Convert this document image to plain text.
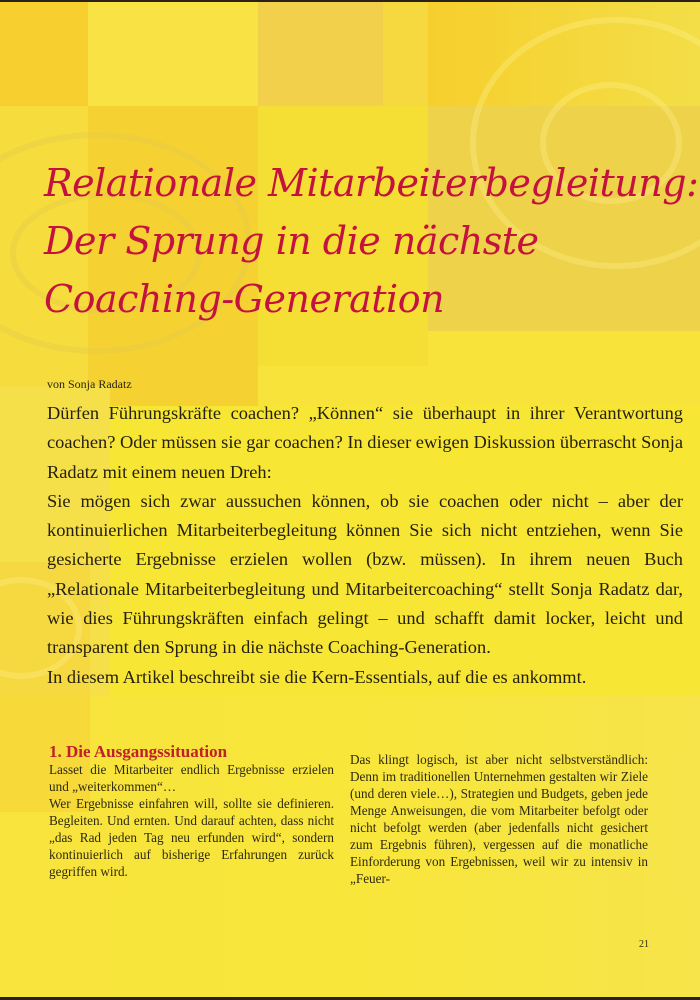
Relationale Mitarbeiterbegleitung:
Der Sprung in die nächste
Coaching-Generation
von Sonja Radatz

Dürfen Führungskräfte coachen? „Können“ sie überhaupt in ihrer Verantwortung coachen? Oder müssen sie gar coachen? In dieser ewigen Diskussion überrascht Sonja Radatz mit einem neuen Dreh:

Sie mögen sich zwar aussuchen können, ob sie coachen oder nicht – aber der kontinuierlichen Mitarbeiterbegleitung können Sie sich nicht entziehen, wenn Sie gesicherte Ergebnisse erzielen wollen (bzw. müssen). In ihrem neuen Buch „Relationale Mitarbeiterbegleitung und Mitarbeitercoaching“ stellt Sonja Radatz dar, wie dies Führungskräften einfach gelingt – und schafft damit locker, leicht und transparent den Sprung in die nächste Coaching-Generation.

In diesem Artikel beschreibt sie die Kern-Essentials, auf die es ankommt.

1. Die Ausgangssituation

Lasset die Mitarbeiter endlich Ergebnisse erzielen und „weiterkommen“…

Wer Ergebnisse einfahren will, sollte sie definieren. Begleiten. Und ernten. Und darauf achten, dass nicht „das Rad jeden Tag neu erfunden wird“, sondern kontinuierlich auf bisherige Erfahrungen zurück gegriffen wird.

Das klingt logisch, ist aber nicht selbstverständlich: Denn im traditionellen Unternehmen gestalten wir Ziele (und deren viele…), Strategien und Budgets, geben jede Menge Anweisungen, die vom Mitarbeiter befolgt oder nicht befolgt werden (aber jedenfalls nicht gesichert zum Ergebnis führen), vergessen auf die monatliche Einforderung von Ergebnissen, weil wir zu intensiv in „Feuer-

21
